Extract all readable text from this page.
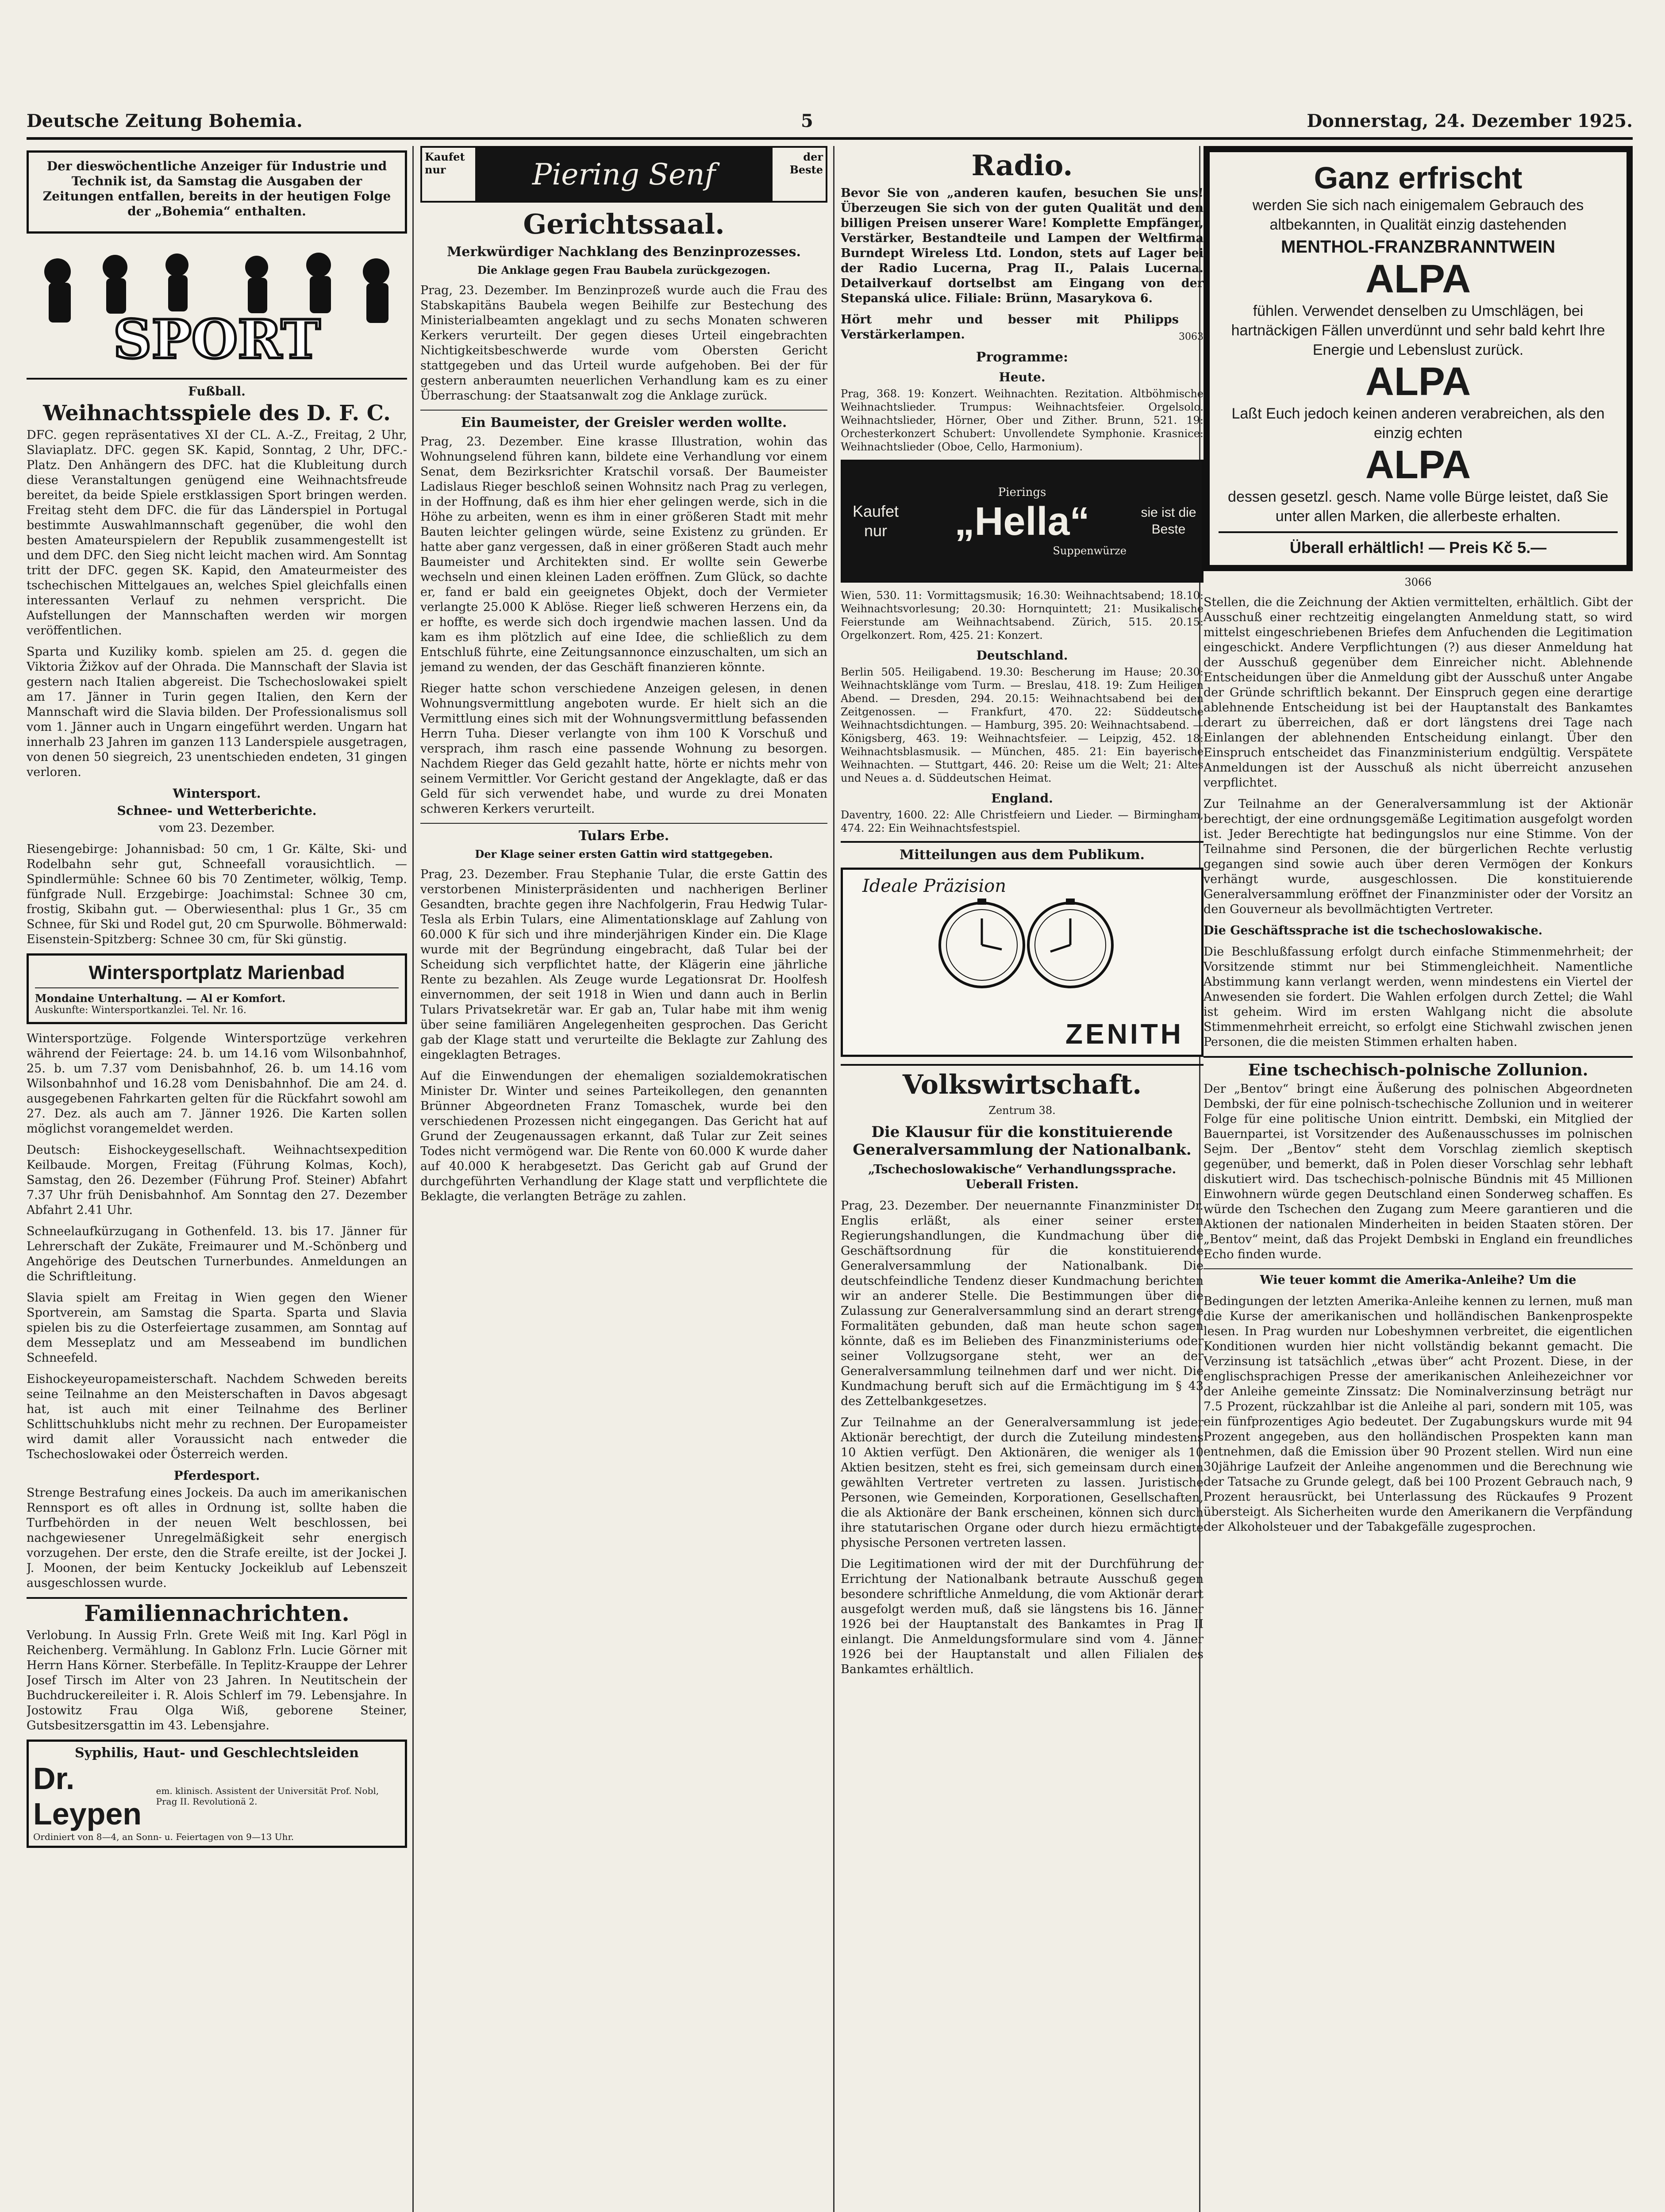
Deutsche Zeitung Bohemia.	5	Donnerstag, 24. Dezember 1925.

Der dieswöchentliche Anzeiger für Industrie und Technik ist, da Samstag die Ausgaben der Zeitungen entfallen, bereits in der heutigen Folge der „Bohemia“ enthalten.

SPORT
Fußball.
Weihnachtsspiele des D. F. C.

DFC. gegen repräsentatives XI der CL. A.-Z., Freitag, 2 Uhr, Slaviaplatz. DFC. gegen SK. Kapid, Sonntag, 2 Uhr, DFC.-Platz. Den Anhängern des DFC. hat die Klubleitung durch diese Veranstaltungen genügend eine Weihnachtsfreude bereitet, da beide Spiele erstklassigen Sport bringen werden. Freitag steht dem DFC. die für das Länderspiel in Portugal bestimmte Auswahlmannschaft gegenüber, die wohl den besten Amateurspielern der Republik zusammengestellt ist und dem DFC. den Sieg nicht leicht machen wird. Am Sonntag tritt der DFC. gegen SK. Kapid, den Amateurmeister des tschechischen Mittelgaues an, welches Spiel gleichfalls einen interessanten Verlauf zu nehmen verspricht. Die Aufstellungen der Mannschaften werden wir morgen veröffentlichen.

Sparta und Kuziliky komb. spielen am 25. d. gegen die Viktoria Žižkov auf der Ohrada. Die Mannschaft der Slavia ist gestern nach Italien abgereist. Die Tschechoslowakei spielt am 17. Jänner in Turin gegen Italien, den Kern der Mannschaft wird die Slavia bilden. Der Professionalismus soll vom 1. Jänner auch in Ungarn eingeführt werden. Ungarn hat innerhalb 23 Jahren im ganzen 113 Landerspiele ausgetragen, von denen 50 siegreich, 23 unentschieden endeten, 31 gingen verloren.

Wintersport.
Schnee- und Wetterberichte.

vom 23. Dezember.

Riesengebirge: Johannisbad: 50 cm, 1 Gr. Kälte, Ski- und Rodelbahn sehr gut, Schneefall vorausichtlich. — Spindlermühle: Schnee 60 bis 70 Zentimeter, wölkig, Temp. fünfgrade Null. Erzgebirge: Joachimstal: Schnee 30 cm, frostig, Skibahn gut. — Oberwiesenthal: plus 1 Gr., 35 cm Schnee, für Ski und Rodel gut, 20 cm Spurwolle. Böhmerwald: Eisenstein-Spitzberg: Schnee 30 cm, für Ski günstig.

Wintersportplatz Marienbad
Mondaine Unterhaltung. — Al er Komfort.
Auskunfte: Wintersportkanzlei. Tel. Nr. 16.

Wintersportzüge. Folgende Wintersportzüge verkehren während der Feiertage: 24. b. um 14.16 vom Wilsonbahnhof, 25. b. um 7.37 vom Denisbahnhof, 26. b. um 14.16 vom Wilsonbahnhof und 16.28 vom Denisbahnhof. Die am 24. d. ausgegebenen Fahrkarten gelten für die Rückfahrt sowohl am 27. Dez. als auch am 7. Jänner 1926. Die Karten sollen möglichst vorangemeldet werden.

Deutsch: Eishockeygesellschaft. Weihnachtsexpedition Keilbaude. Morgen, Freitag (Führung Kolmas, Koch), Samstag, den 26. Dezember (Führung Prof. Steiner) Abfahrt 7.37 Uhr früh Denisbahnhof. Am Sonntag den 27. Dezember Abfahrt 2.41 Uhr.

Schneelaufkürzugang in Gothenfeld. 13. bis 17. Jänner für Lehrerschaft der Zukäte, Freimaurer und M.-Schönberg und Angehörige des Deutschen Turnerbundes. Anmeldungen an die Schriftleitung.

Slavia spielt am Freitag in Wien gegen den Wiener Sportverein, am Samstag die Sparta. Sparta und Slavia spielen bis zu die Osterfeiertage zusammen, am Sonntag auf dem Messeplatz und am Messeabend im bundlichen Schneefeld.

Eishockeyeuropameisterschaft. Nachdem Schweden bereits seine Teilnahme an den Meisterschaften in Davos abgesagt hat, ist auch mit einer Teilnahme des Berliner Schlittschuhklubs nicht mehr zu rechnen. Der Europameister wird damit aller Voraussicht nach entweder die Tschechoslowakei oder Österreich werden.

Pferdesport.

Strenge Bestrafung eines Jockeis. Da auch im amerikanischen Rennsport es oft alles in Ordnung ist, sollte haben die Turfbehörden in der neuen Welt beschlossen, bei nachgewiesener Unregelmäßigkeit sehr energisch vorzugehen. Der erste, den die Strafe ereilte, ist der Jockei J. J. Moonen, der beim Kentucky Jockeiklub auf Lebenszeit ausgeschlossen wurde.

Familiennachrichten.

Verlobung. In Aussig Frln. Grete Weiß mit Ing. Karl Pögl in Reichenberg. Vermählung. In Gablonz Frln. Lucie Görner mit Herrn Hans Körner. Sterbefälle. In Teplitz-Krauppe der Lehrer Josef Tirsch im Alter von 23 Jahren. In Neutitschein der Buchdruckereileiter i. R. Alois Schlerf im 79. Lebensjahre. In Jostowitz Frau Olga Wiß, geborene Steiner, Gutsbesitzersgattin im 43. Lebensjahre.

Syphilis, Haut- und Geschlechtsleiden
Dr. Leypen
em. klinisch. Assistent der Universität Prof. Nobl, Prag II. Revolutionä 2.
Ordiniert von 8—4, an Sonn- u. Feiertagen von 9—13 Uhr.
Kaufet nur	Piering Senf
der Beste
Gerichtssaal.
Merkwürdiger Nachklang des Benzinprozesses.

Die Anklage gegen Frau Baubela zurückgezogen.

Prag, 23. Dezember. Im Benzinprozeß wurde auch die Frau des Stabskapitäns Baubela wegen Beihilfe zur Bestechung des Ministerialbeamten angeklagt und zu sechs Monaten schweren Kerkers verurteilt. Der gegen dieses Urteil eingebrachten Nichtigkeitsbeschwerde wurde vom Obersten Gericht stattgegeben und das Urteil wurde aufgehoben. Bei der für gestern anberaumten neuerlichen Verhandlung kam es zu einer Überraschung: der Staatsanwalt zog die Anklage zurück.

Ein Baumeister, der Greisler werden wollte.

Prag, 23. Dezember. Eine krasse Illustration, wohin das Wohnungselend führen kann, bildete eine Verhandlung vor einem Senat, dem Bezirksrichter Kratschil vorsaß. Der Baumeister Ladislaus Rieger beschloß seinen Wohnsitz nach Prag zu verlegen, in der Hoffnung, daß es ihm hier eher gelingen werde, sich in die Höhe zu arbeiten, wenn es ihm in einer größeren Stadt mit mehr Bauten leichter gelingen würde, seine Existenz zu gründen. Er hatte aber ganz vergessen, daß in einer größeren Stadt auch mehr Baumeister und Architekten sind. Er wollte sein Gewerbe wechseln und einen kleinen Laden eröffnen. Zum Glück, so dachte er, fand er bald ein geeignetes Objekt, doch der Vermieter verlangte 25.000 K Ablöse. Rieger ließ schweren Herzens ein, da er hoffte, es werde sich doch irgendwie machen lassen. Und da kam es ihm plötzlich auf eine Idee, die schließlich zu dem Entschluß führte, eine Zeitungsannonce einzuschalten, um sich an jemand zu wenden, der das Geschäft finanzieren könnte.

Rieger hatte schon verschiedene Anzeigen gelesen, in denen Wohnungsvermittlung angeboten wurde. Er hielt sich an die Vermittlung eines sich mit der Wohnungsvermittlung befassenden Herrn Tuha. Dieser verlangte von ihm 100 K Vorschuß und versprach, ihm rasch eine passende Wohnung zu besorgen. Nachdem Rieger das Geld gezahlt hatte, hörte er nichts mehr von seinem Vermittler. Vor Gericht gestand der Angeklagte, daß er das Geld für sich verwendet habe, und wurde zu drei Monaten schweren Kerkers verurteilt.

Tulars Erbe.

Der Klage seiner ersten Gattin wird stattgegeben.

Prag, 23. Dezember. Frau Stephanie Tular, die erste Gattin des verstorbenen Ministerpräsidenten und nachherigen Berliner Gesandten, brachte gegen ihre Nachfolgerin, Frau Hedwig Tular-Tesla als Erbin Tulars, eine Alimentationsklage auf Zahlung von 60.000 K für sich und ihre minderjährigen Kinder ein. Die Klage wurde mit der Begründung eingebracht, daß Tular bei der Scheidung sich verpflichtet hatte, der Klägerin eine jährliche Rente zu bezahlen. Als Zeuge wurde Legationsrat Dr. Hoolfesh einvernommen, der seit 1918 in Wien und dann auch in Berlin Tulars Privatsekretär war. Er gab an, Tular habe mit ihm wenig über seine familiären Angelegenheiten gesprochen. Das Gericht gab der Klage statt und verurteilte die Beklagte zur Zahlung des eingeklagten Betrages.

Auf die Einwendungen der ehemaligen sozialdemokratischen Minister Dr. Winter und seines Parteikollegen, den genannten Brünner Abgeordneten Franz Tomaschek, wurde bei den verschiedenen Prozessen nicht eingegangen. Das Gericht hat auf Grund der Zeugenaussagen erkannt, daß Tular zur Zeit seines Todes nicht vermögend war. Die Rente von 60.000 K wurde daher auf 40.000 K herabgesetzt. Das Gericht gab auf Grund der durchgeführten Verhandlung der Klage statt und verpflichtete die Beklagte, die verlangten Beträge zu zahlen.

Radio.

Bevor Sie von „anderen kaufen, besuchen Sie uns! Überzeugen Sie sich von der guten Qualität und den billigen Preisen unserer Ware! Komplette Empfänger, Verstärker, Bestandteile und Lampen der Weltfirma Burndept Wireless Ltd. London, stets auf Lager bei der Radio Lucerna, Prag II., Palais Lucerna. Detailverkauf dortselbst am Eingang von der Stepanská ulice. Filiale: Brünn, Masarykova 6.

Hört mehr und besser mit Philipps Verstärkerlampen.	3063
Programme:
Heute.

Prag, 368. 19: Konzert. Weihnachten. Rezitation. Altböhmische Weihnachtslieder. Trumpus: Weihnachtsfeier. Orgelsolo. Weihnachtslieder, Hörner, Ober und Zither. Brunn, 521. 19: Orchesterkonzert Schubert: Unvollendete Symphonie. Krasnice: Weihnachtslieder (Oboe, Cello, Harmonium).

Kaufet nur
Pierings
„Hella“
Suppenwürze
sie ist die Beste

Wien, 530. 11: Vormittagsmusik; 16.30: Weihnachtsabend; 18.10: Weihnachtsvorlesung; 20.30: Hornquintett; 21: Musikalische Feierstunde am Weihnachtsabend. Zürich, 515. 20.15: Orgelkonzert. Rom, 425. 21: Konzert.

Deutschland.

Berlin 505. Heiligabend. 19.30: Bescherung im Hause; 20.30: Weihnachtsklänge vom Turm. — Breslau, 418. 19: Zum Heiligen Abend. — Dresden, 294. 20.15: Weihnachtsabend bei den Zeitgenossen. — Frankfurt, 470. 22: Süddeutsche Weihnachtsdichtungen. — Hamburg, 395. 20: Weihnachtsabend. — Königsberg, 463. 19: Weihnachtsfeier. — Leipzig, 452. 18: Weihnachtsblasmusik. — München, 485. 21: Ein bayerische Weihnachten. — Stuttgart, 446. 20: Reise um die Welt; 21: Altes und Neues a. d. Süddeutschen Heimat.

England.

Daventry, 1600. 22: Alle Christfeiern und Lieder. — Birmingham, 474. 22: Ein Weihnachtsfestspiel.

Mitteilungen aus dem Publikum.
Ideale Präzision
ZENITH
Volkswirtschaft.

Zentrum 38.

Die Klausur für die konstituierende Generalversammlung der Nationalbank.

„Tschechoslowakische“ Verhandlungssprache. Ueberall Fristen.

Prag, 23. Dezember. Der neuernannte Finanzminister Dr. Englis erläßt, als einer seiner ersten Regierungshandlungen, die Kundmachung über die Geschäftsordnung für die konstituierende Generalversammlung der Nationalbank. Die deutschfeindliche Tendenz dieser Kundmachung berichten wir an anderer Stelle. Die Bestimmungen über die Zulassung zur Generalversammlung sind an derart strenge Formalitäten gebunden, daß man heute schon sagen könnte, daß es im Belieben des Finanzministeriums oder seiner Vollzugsorgane steht, wer an der Generalversammlung teilnehmen darf und wer nicht. Die Kundmachung beruft sich auf die Ermächtigung im § 43 des Zettelbankgesetzes.

Zur Teilnahme an der Generalversammlung ist jeder Aktionär berechtigt, der durch die Zuteilung mindestens 10 Aktien verfügt. Den Aktionären, die weniger als 10 Aktien besitzen, steht es frei, sich gemeinsam durch einen gewählten Vertreter vertreten zu lassen. Juristische Personen, wie Gemeinden, Korporationen, Gesellschaften, die als Aktionäre der Bank erscheinen, können sich durch ihre statutarischen Organe oder durch hiezu ermächtigte physische Personen vertreten lassen.

Die Legitimationen wird der mit der Durchführung der Errichtung der Nationalbank betraute Ausschuß gegen besondere schriftliche Anmeldung, die vom Aktionär derart ausgefolgt werden muß, daß sie längstens bis 16. Jänner 1926 bei der Hauptanstalt des Bankamtes in Prag II einlangt. Die Anmeldungsformulare sind vom 4. Jänner 1926 bei der Hauptanstalt und allen Filialen des Bankamtes erhältlich.

Ganz erfrischt
werden Sie sich nach einigemalem Gebrauch des altbekannten, in Qualität einzig dastehenden
MENTHOL-FRANZBRANNTWEIN
ALPA
fühlen. Verwendet denselben zu Umschlägen, bei hartnäckigen Fällen unverdünnt und sehr bald kehrt Ihre Energie und Lebenslust zurück.
ALPA
Laßt Euch jedoch keinen anderen verabreichen, als den einzig echten
ALPA
dessen gesetzl. gesch. Name volle Bürge leistet, daß Sie unter allen Marken, die allerbeste erhalten.
Überall erhältlich! — Preis Kč 5.—

3066

Stellen, die die Zeichnung der Aktien vermittelten, erhältlich. Gibt der Ausschuß einer rechtzeitig eingelangten Anmeldung statt, so wird mittelst eingeschriebenen Briefes dem Anfuchenden die Legitimation eingeschickt. Andere Verpflichtungen (?) aus dieser Anmeldung hat der Ausschuß gegenüber dem Einreicher nicht. Ablehnende Entscheidungen über die Anmeldung gibt der Ausschuß unter Angabe der Gründe schriftlich bekannt. Der Einspruch gegen eine derartige ablehnende Entscheidung ist bei der Hauptanstalt des Bankamtes derart zu überreichen, daß er dort längstens drei Tage nach Einlangen der ablehnenden Entscheidung einlangt. Über den Einspruch entscheidet das Finanzministerium endgültig. Verspätete Anmeldungen ist der Ausschuß als nicht überreicht anzusehen verpflichtet.

Zur Teilnahme an der Generalversammlung ist der Aktionär berechtigt, der eine ordnungsgemäße Legitimation ausgefolgt worden ist. Jeder Berechtigte hat bedingungslos nur eine Stimme. Von der Teilnahme sind Personen, die der bürgerlichen Rechte verlustig gegangen sind sowie auch über deren Vermögen der Konkurs verhängt wurde, ausgeschlossen. Die konstituierende Generalversammlung eröffnet der Finanzminister oder der Vorsitz an den Gouverneur als bevollmächtigten Vertreter.

Die Geschäftssprache ist die tschechoslowakische.

Die Beschlußfassung erfolgt durch einfache Stimmenmehrheit; der Vorsitzende stimmt nur bei Stimmengleichheit. Namentliche Abstimmung kann verlangt werden, wenn mindestens ein Viertel der Anwesenden sie fordert. Die Wahlen erfolgen durch Zettel; die Wahl ist geheim. Wird im ersten Wahlgang nicht die absolute Stimmenmehrheit erreicht, so erfolgt eine Stichwahl zwischen jenen Personen, die die meisten Stimmen erhalten haben.

Eine tschechisch-polnische Zollunion.

Der „Bentov“ bringt eine Äußerung des polnischen Abgeordneten Dembski, der für eine polnisch-tschechische Zollunion und in weiterer Folge für eine politische Union eintritt. Dembski, ein Mitglied der Bauernpartei, ist Vorsitzender des Außenausschusses im polnischen Sejm. Der „Bentov“ steht dem Vorschlag ziemlich skeptisch gegenüber, und bemerkt, daß in Polen dieser Vorschlag sehr lebhaft diskutiert wird. Das tschechisch-polnische Bündnis mit 45 Millionen Einwohnern würde gegen Deutschland einen Sonderweg schaffen. Es würde den Tschechen den Zugang zum Meere garantieren und die Aktionen der nationalen Minderheiten in beiden Staaten stören. Der „Bentov“ meint, daß das Projekt Dembski in England ein freundliches Echo finden wurde.

Wie teuer kommt die Amerika-Anleihe? Um die

Bedingungen der letzten Amerika-Anleihe kennen zu lernen, muß man die Kurse der amerikanischen und holländischen Bankenprospekte lesen. In Prag wurden nur Lobeshymnen verbreitet, die eigentlichen Konditionen wurden hier nicht vollständig bekannt gemacht. Die Verzinsung ist tatsächlich „etwas über“ acht Prozent. Diese, in der englischsprachigen Presse der amerikanischen Anleihezeichner vor der Anleihe gemeinte Zinssatz: Die Nominalverzinsung beträgt nur 7.5 Prozent, rückzahlbar ist die Anleihe al pari, sondern mit 105, was ein fünfprozentiges Agio bedeutet. Der Zugabungskurs wurde mit 94 Prozent angegeben, aus den holländischen Prospekten kann man entnehmen, daß die Emission über 90 Prozent stellen. Wird nun eine 30jährige Laufzeit der Anleihe angenommen und die Berechnung wie der Tatsache zu Grunde gelegt, daß bei 100 Prozent Gebrauch nach, 9 Prozent herausrückt, bei Unterlassung des Rückaufes 9 Prozent übersteigt. Als Sicherheiten wurde den Amerikanern die Verpfändung der Alkoholsteuer und der Tabakgefälle zugesprochen.
